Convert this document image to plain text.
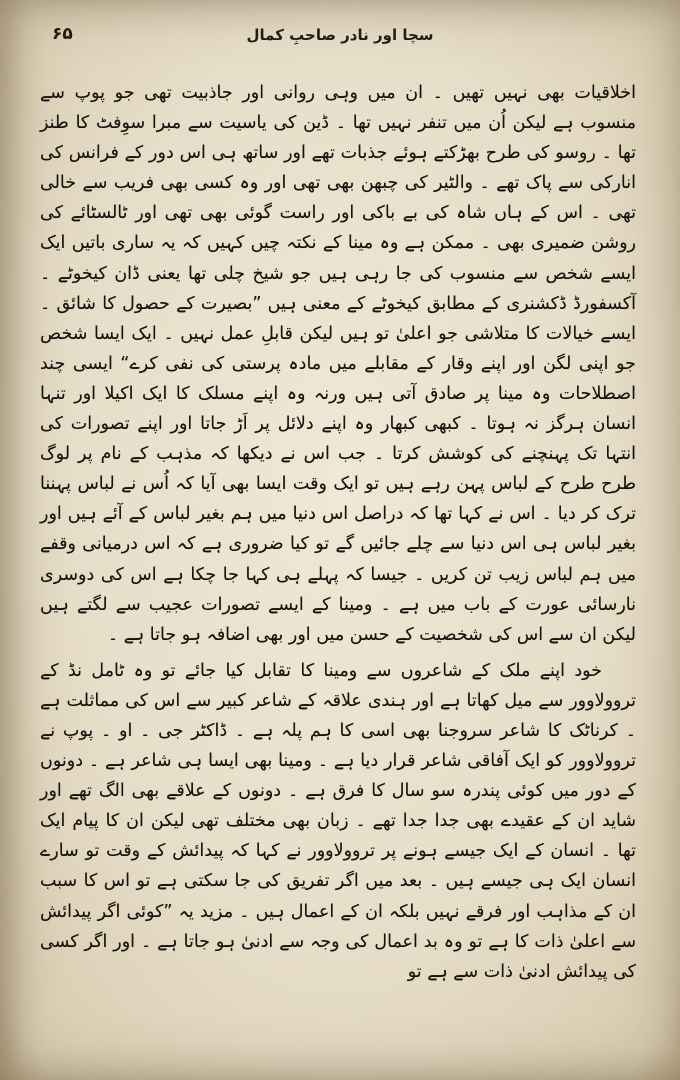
۶۵	سچا اور نادر صاحبِ کمال

اخلاقیات بھی نہیں تھیں ۔ ان میں وہی روانی اور جاذبیت تھی جو پوپ سے منسوب ہے لیکن اُن میں تنفر نہیں تھا ۔ ڈین کی یاسیت سے مبرا سوِفٹ کا طنز تھا ۔ روسو کی طرح بھڑکتے ہوئے جذبات تھے اور ساتھ ہی اس دور کے فرانس کی انارکی سے پاک تھے ۔ والٹیر کی چبھن بھی تھی اور وہ کسی بھی فریب سے خالی تھی ۔ اس کے ہاں شاہ کی بے باکی اور راست گوئی بھی تھی اور ٹالسٹائے کی روشن ضمیری بھی ۔ ممکن ہے وہ مینا کے نکتہ چیں کہیں کہ یہ ساری باتیں ایک ایسے شخص سے منسوب کی جا رہی ہیں جو شیخ چلی تھا یعنی ڈان کیخوٹے ۔ آکسفورڈ ڈکشنری کے مطابق کیخوٹے کے معنی ہیں ”بصیرت کے حصول کا شائق ۔ ایسے خیالات کا متلاشی جو اعلیٰ تو ہیں لیکن قابلِ عمل نہیں ۔ ایک ایسا شخص جو اپنی لگن اور اپنے وقار کے مقابلے میں مادہ پرستی کی نفی کرے“ ایسی چند اصطلاحات وہ مینا پر صادق آتی ہیں ورنہ وہ اپنے مسلک کا ایک اکیلا اور تنہا انسان ہرگز نہ ہوتا ۔ کبھی کبھار وہ اپنے دلائل پر اَڑ جاتا اور اپنے تصورات کی انتہا تک پہنچنے کی کوشش کرتا ۔ جب اس نے دیکھا کہ مذہب کے نام پر لوگ طرح طرح کے لباس پہن رہے ہیں تو ایک وقت ایسا بھی آیا کہ اُس نے لباس پہننا ترک کر دیا ۔ اس نے کہا تھا کہ دراصل اس دنیا میں ہم بغیر لباس کے آئے ہیں اور بغیر لباس ہی اس دنیا سے چلے جائیں گے تو کیا ضروری ہے کہ اس درمیانی وقفے میں ہم لباس زیب تن کریں ۔ جیسا کہ پہلے ہی کہا جا چکا ہے اس کی دوسری نارسائی عورت کے باب میں ہے ۔ ومینا کے ایسے تصورات عجیب سے لگتے ہیں لیکن ان سے اس کی شخصیت کے حسن میں اور بھی اضافہ ہو جاتا ہے ۔

خود اپنے ملک کے شاعروں سے ومینا کا تقابل کیا جائے تو وہ ٹامل نڈ کے تروولاوور سے میل کھاتا ہے اور ہندی علاقہ کے شاعر کبیر سے اس کی مماثلت ہے ۔ کرناٹک کا شاعر سروجنا بھی اسی کا ہم پلہ ہے ۔ ڈاکٹر جی ۔ او ۔ پوپ نے تروولاوور کو ایک آفاقی شاعر قرار دیا ہے ۔ ومینا بھی ایسا ہی شاعر ہے ۔ دونوں کے دور میں کوئی پندرہ سو سال کا فرق ہے ۔ دونوں کے علاقے بھی الگ تھے اور شاید ان کے عقیدے بھی جدا جدا تھے ۔ زبان بھی مختلف تھی لیکن ان کا پیام ایک تھا ۔ انسان کے ایک جیسے ہونے پر تروولاوور نے کہا کہ پیدائش کے وقت تو سارے انسان ایک ہی جیسے ہیں ۔ بعد میں اگر تفریق کی جا سکتی ہے تو اس کا سبب ان کے مذاہب اور فرقے نہیں بلکہ ان کے اعمال ہیں ۔ مزید یہ ”کوئی اگر پیدائش سے اعلیٰ ذات کا ہے تو وہ بد اعمال کی وجہ سے ادنیٰ ہو جاتا ہے ۔ اور اگر کسی کی پیدائش ادنیٰ ذات سے ہے تو
